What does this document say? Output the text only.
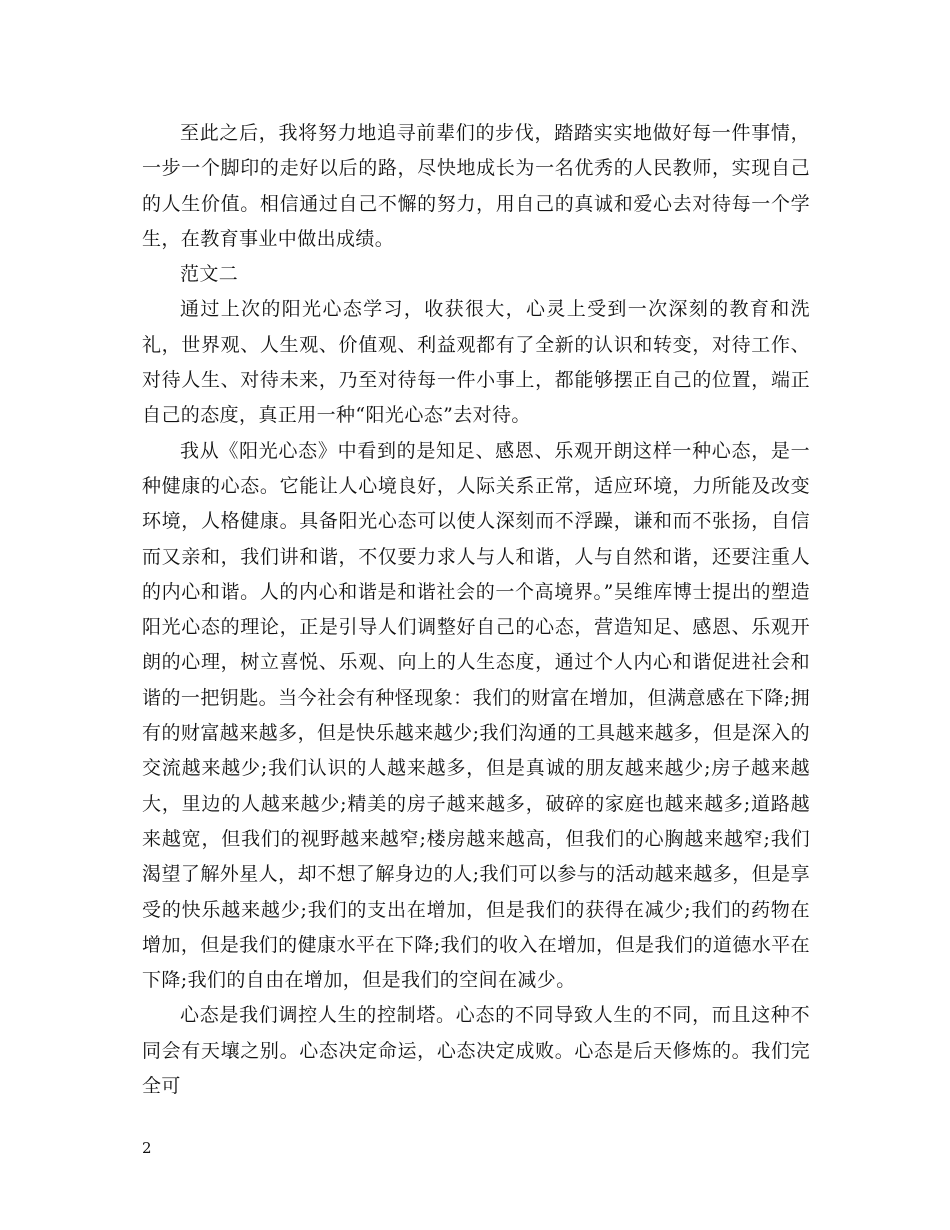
至此之后，我将努力地追寻前辈们的步伐，踏踏实实地做好每一件事情，一步一个脚印的走好以后的路，尽快地成长为一名优秀的人民教师，实现自己的人生价值。相信通过自己不懈的努力，用自己的真诚和爱心去对待每一个学生，在教育事业中做出成绩。

范文二

通过上次的阳光心态学习，收获很大，心灵上受到一次深刻的教育和洗礼，世界观、人生观、价值观、利益观都有了全新的认识和转变，对待工作、对待人生、对待未来，乃至对待每一件小事上，都能够摆正自己的位置，端正自己的态度，真正用一种“阳光心态”去对待。

我从《阳光心态》中看到的是知足、感恩、乐观开朗这样一种心态，是一种健康的心态。它能让人心境良好，人际关系正常，适应环境，力所能及改变环境，人格健康。具备阳光心态可以使人深刻而不浮躁，谦和而不张扬，自信而又亲和，我们讲和谐，不仅要力求人与人和谐，人与自然和谐，还要注重人的内心和谐。人的内心和谐是和谐社会的一个高境界。”吴维库博士提出的塑造阳光心态的理论，正是引导人们调整好自己的心态，营造知足、感恩、乐观开朗的心理，树立喜悦、乐观、向上的人生态度，通过个人内心和谐促进社会和谐的一把钥匙。当今社会有种怪现象：我们的财富在增加，但满意感在下降;拥有的财富越来越多，但是快乐越来越少;我们沟通的工具越来越多，但是深入的交流越来越少;我们认识的人越来越多，但是真诚的朋友越来越少;房子越来越大，里边的人越来越少;精美的房子越来越多，破碎的家庭也越来越多;道路越来越宽，但我们的视野越来越窄;楼房越来越高，但我们的心胸越来越窄;我们渴望了解外星人，却不想了解身边的人;我们可以参与的活动越来越多，但是享受的快乐越来越少;我们的支出在增加，但是我们的获得在减少;我们的药物在增加，但是我们的健康水平在下降;我们的收入在增加，但是我们的道德水平在下降;我们的自由在增加，但是我们的空间在减少。

心态是我们调控人生的控制塔。心态的不同导致人生的不同，而且这种不同会有天壤之别。心态决定命运，心态决定成败。心态是后天修炼的。我们完全可

2
